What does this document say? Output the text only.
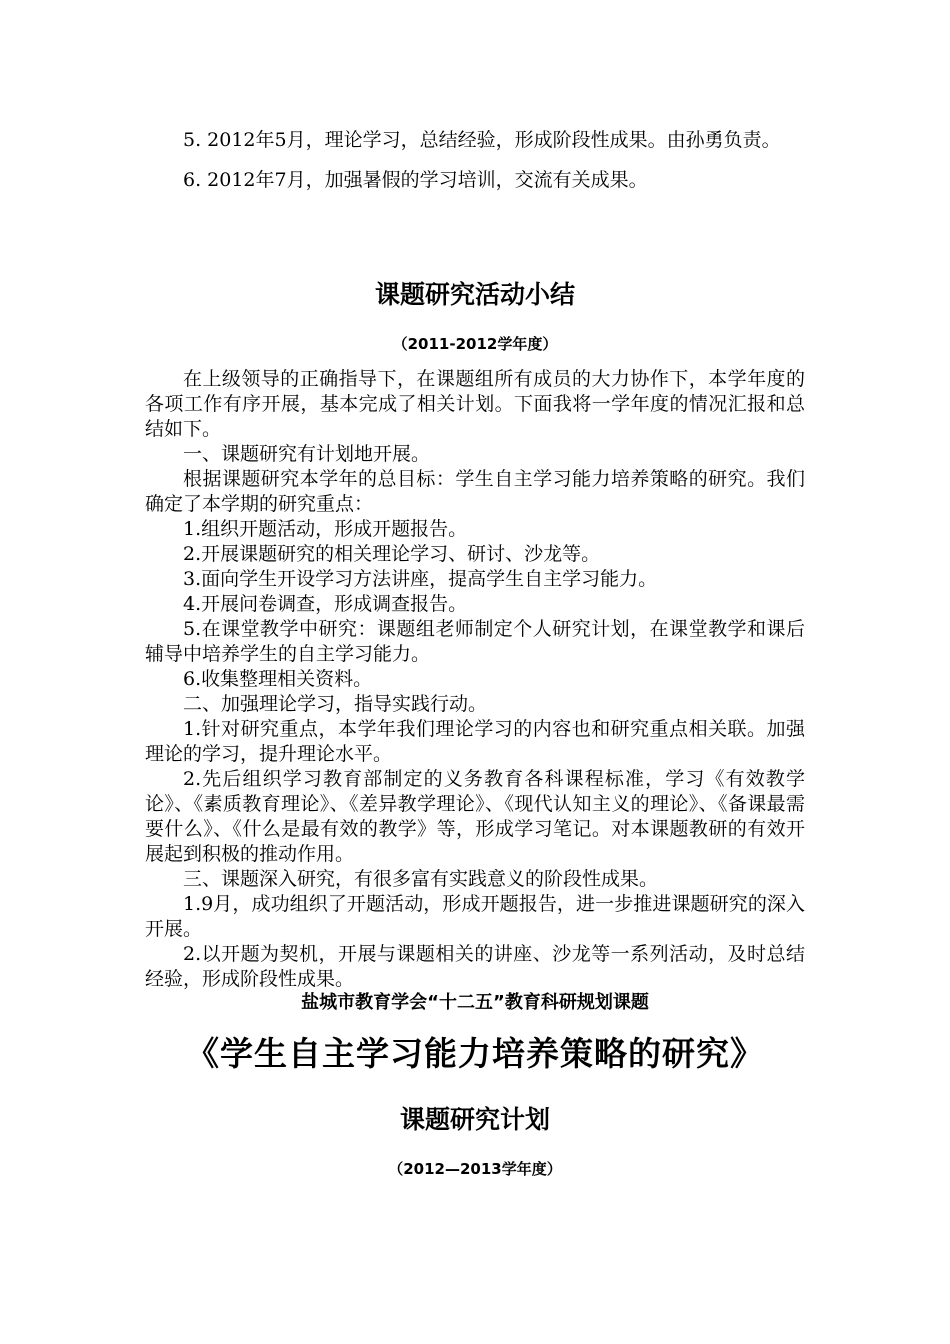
5. 2012年5月，理论学习，总结经验，形成阶段性成果。由孙勇负责。

6. 2012年7月，加强暑假的学习培训，交流有关成果。

课题研究活动小结
（2011-2012学年度）

在上级领导的正确指导下，在课题组所有成员的大力协作下，本学年度的各项工作有序开展，基本完成了相关计划。下面我将一学年度的情况汇报和总结如下。

一、课题研究有计划地开展。

根据课题研究本学年的总目标：学生自主学习能力培养策略的研究。我们确定了本学期的研究重点：

1.组织开题活动，形成开题报告。

2.开展课题研究的相关理论学习、研讨、沙龙等。

3.面向学生开设学习方法讲座，提高学生自主学习能力。

4.开展问卷调查，形成调查报告。

5.在课堂教学中研究：课题组老师制定个人研究计划，在课堂教学和课后辅导中培养学生的自主学习能力。

6.收集整理相关资料。

二、加强理论学习，指导实践行动。

1.针对研究重点，本学年我们理论学习的内容也和研究重点相关联。加强理论的学习，提升理论水平。

2.先后组织学习教育部制定的义务教育各科课程标准，学习《有效教学论》、《素质教育理论》、《差异教学理论》、《现代认知主义的理论》、《备课最需要什么》、《什么是最有效的教学》等，形成学习笔记。对本课题教研的有效开展起到积极的推动作用。

三、课题深入研究，有很多富有实践意义的阶段性成果。

1.9月，成功组织了开题活动，形成开题报告，进一步推进课题研究的深入开展。

2.以开题为契机，开展与课题相关的讲座、沙龙等一系列活动，及时总结经验，形成阶段性成果。

盐城市教育学会“十二五”教育科研规划课题
《学生自主学习能力培养策略的研究》
课题研究计划
（2012—2013学年度）
